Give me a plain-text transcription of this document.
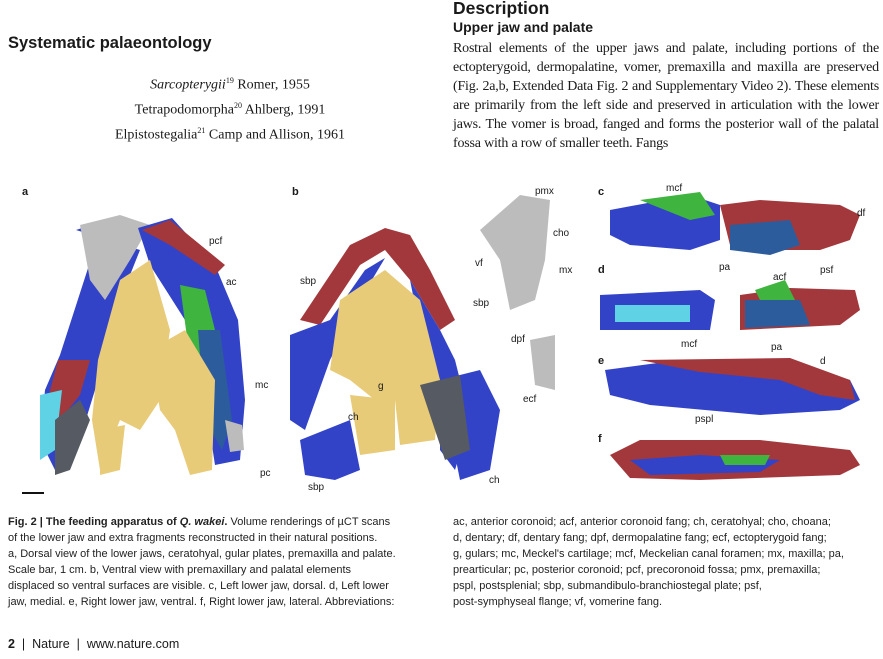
Systematic palaeontology
Sarcopterygii$^{19}$ Romer, 1955
Tetrapodomorpha$^{20}$ Ahlberg, 1991
Elpistostegalia$^{21}$ Camp and Allison, 1961
Description
Upper jaw and palate
Rostral elements of the upper jaws and palate, including portions of the ectopterygoid, dermopalatine, vomer, premaxilla and maxilla are preserved (Fig. 2a,b, Extended Data Fig. 2 and Supplementary Video 2). These elements are primarily from the left side and preserved in articulation with the lower jaws. The vomer is broad, fanged and forms the posterior wall of the palatal fossa with a row of smaller teeth. Fangs
a	b	c
d
e
f
pcf
ac
mc
pc
sbp
sbp
sbp
g
ch
ch
pmx
cho
vf
mx
dpf
ecf
mcf
df
pa	psf
acf
mcf	pa
d
pspl
Fig. 2 | The feeding apparatus of Q. wakei. Volume renderings of µCT scans
of the lower jaw and extra fragments reconstructed in their natural positions.
a, Dorsal view of the lower jaws, ceratohyal, gular plates, premaxilla and palate.
Scale bar, 1 cm. b, Ventral view with premaxillary and palatal elements
displaced so ventral surfaces are visible. c, Left lower jaw, dorsal. d, Left lower
jaw, medial. e, Right lower jaw, ventral. f, Right lower jaw, lateral. Abbreviations:
ac, anterior coronoid; acf, anterior coronoid fang; ch, ceratohyal; cho, choana;
d, dentary; df, dentary fang; dpf, dermopalatine fang; ecf, ectopterygoid fang;
g, gulars; mc, Meckel's cartilage; mcf, Meckelian canal foramen; mx, maxilla; pa,
prearticular; pc, posterior coronoid; pcf, precoronoid fossa; pmx, premaxilla;
pspl, postsplenial; sbp, submandibulo-branchiostegal plate; psf,
post-symphyseal flange; vf, vomerine fang.
2 | Nature | www.nature.com
